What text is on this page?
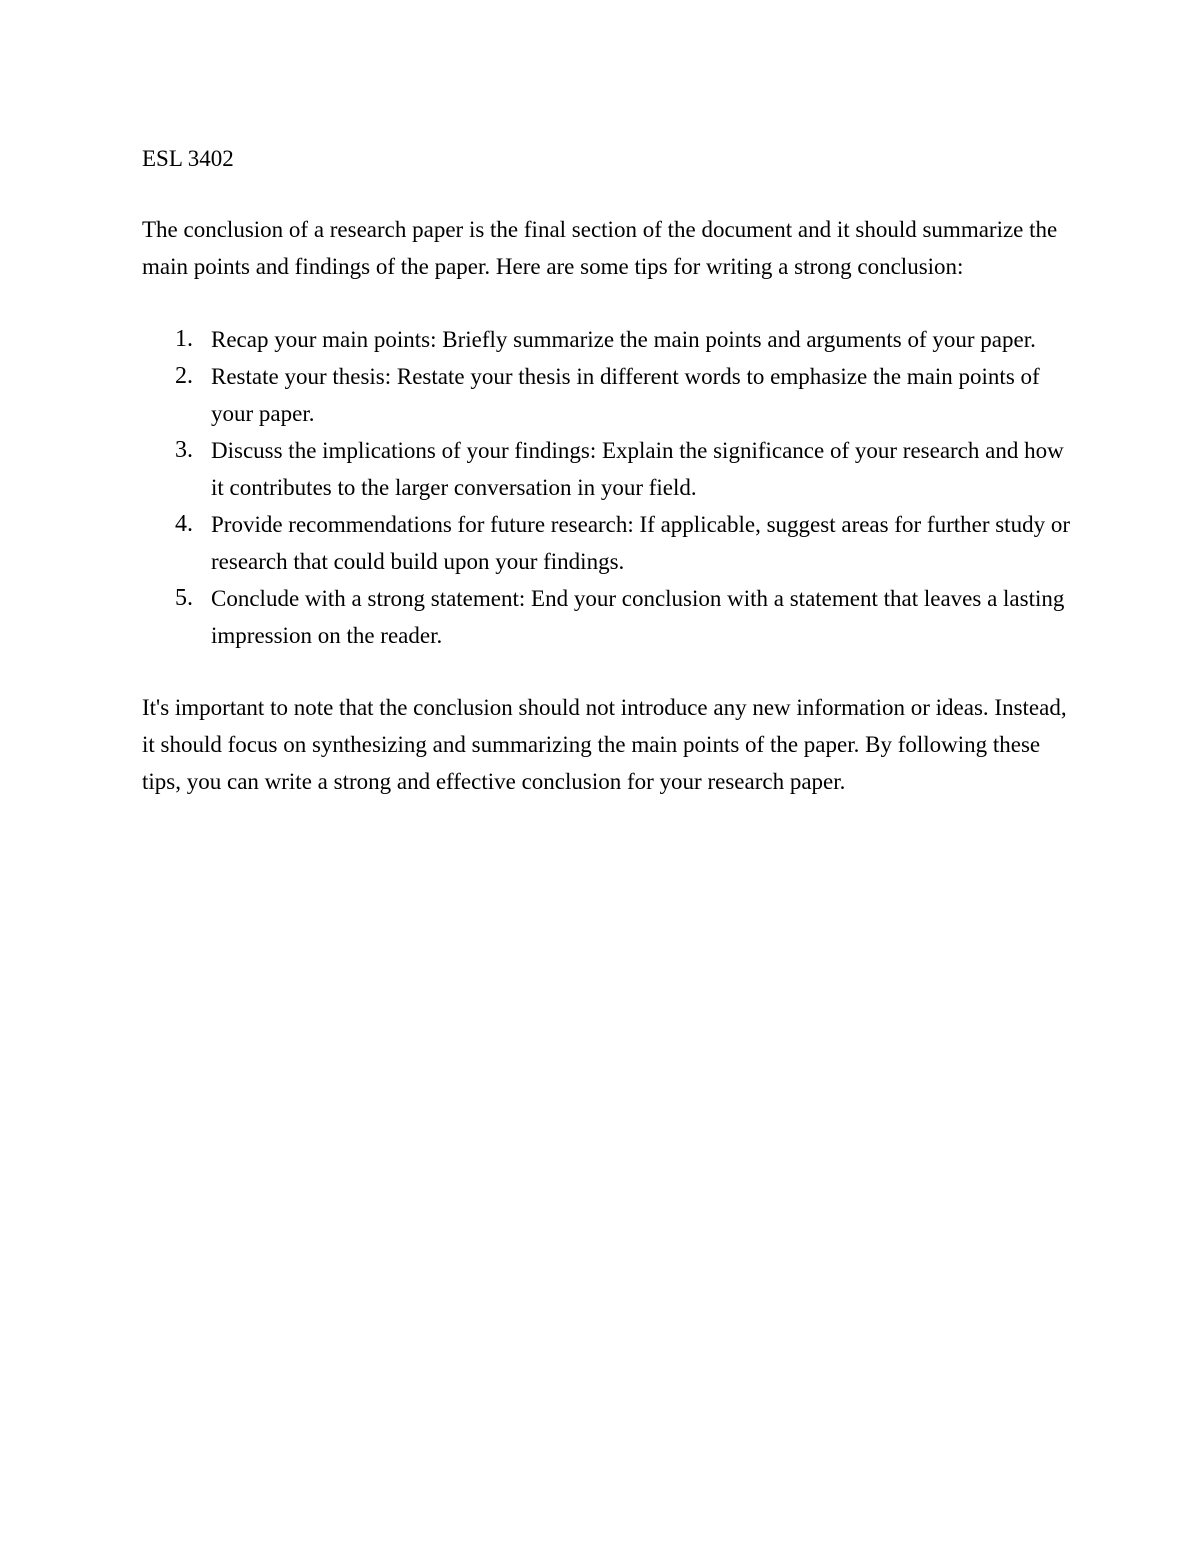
ESL 3402

The conclusion of a research paper is the final section of the document and it should summarize the main points and findings of the paper. Here are some tips for writing a strong conclusion:

1. Recap your main points: Briefly summarize the main points and arguments of your paper.
2. Restate your thesis: Restate your thesis in different words to emphasize the main points of your paper.
3. Discuss the implications of your findings: Explain the significance of your research and how it contributes to the larger conversation in your field.
4. Provide recommendations for future research: If applicable, suggest areas for further study or research that could build upon your findings.
5. Conclude with a strong statement: End your conclusion with a statement that leaves a lasting impression on the reader.

It's important to note that the conclusion should not introduce any new information or ideas. Instead, it should focus on synthesizing and summarizing the main points of the paper. By following these tips, you can write a strong and effective conclusion for your research paper.
